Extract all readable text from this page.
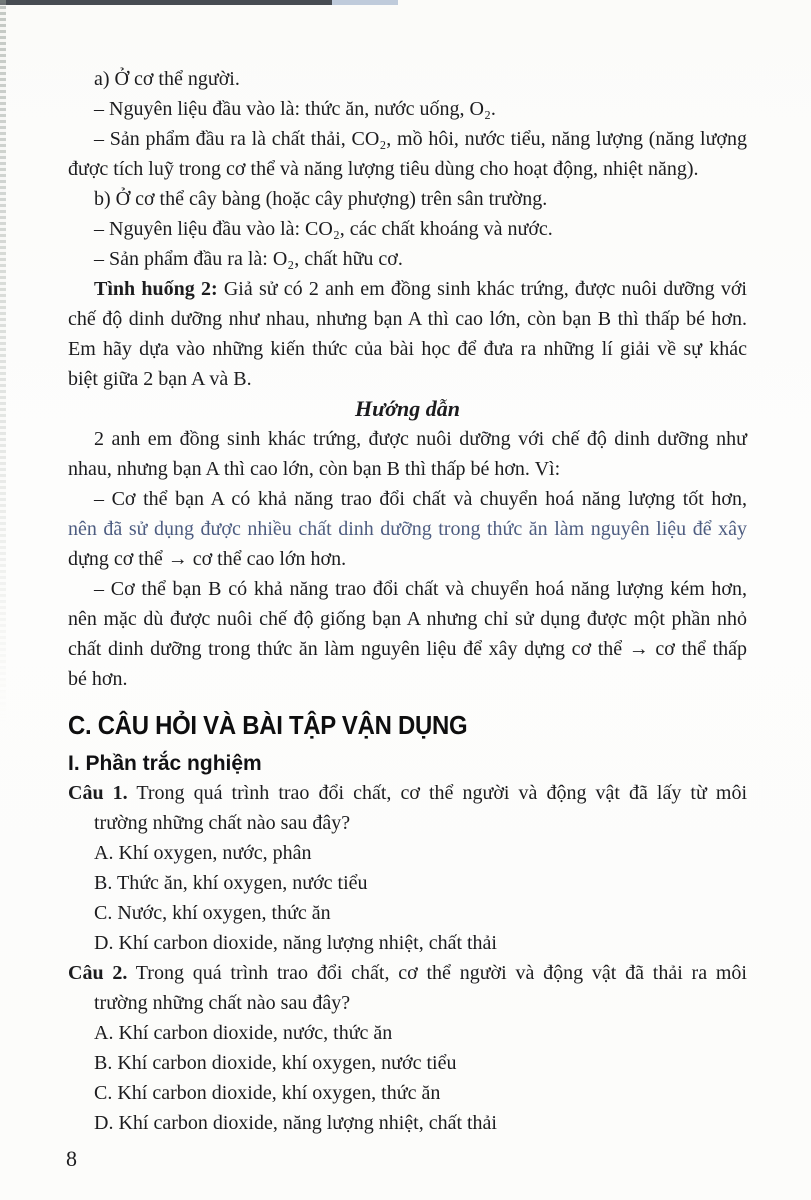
a) Ở cơ thể người.
– Nguyên liệu đầu vào là: thức ăn, nước uống, O₂.
– Sản phẩm đầu ra là chất thải, CO₂, mồ hôi, nước tiểu, năng lượng (năng lượng
được tích luỹ trong cơ thể và năng lượng tiêu dùng cho hoạt động, nhiệt năng).
b) Ở cơ thể cây bàng (hoặc cây phượng) trên sân trường.
– Nguyên liệu đầu vào là: CO₂, các chất khoáng và nước.
– Sản phẩm đầu ra là: O₂, chất hữu cơ.
Tình huống 2: Giả sử có 2 anh em đồng sinh khác trứng, được nuôi dưỡng với
chế độ dinh dưỡng như nhau, nhưng bạn A thì cao lớn, còn bạn B thì thấp bé hơn.
Em hãy dựa vào những kiến thức của bài học để đưa ra những lí giải về sự khác
biệt giữa 2 bạn A và B.
Hướng dẫn
2 anh em đồng sinh khác trứng, được nuôi dưỡng với chế độ dinh dưỡng như
nhau, nhưng bạn A thì cao lớn, còn bạn B thì thấp bé hơn. Vì:
– Cơ thể bạn A có khả năng trao đổi chất và chuyển hoá năng lượng tốt hơn,
nên đã sử dụng được nhiều chất dinh dưỡng trong thức ăn làm nguyên liệu để xây
dựng cơ thể → cơ thể cao lớn hơn.
– Cơ thể bạn B có khả năng trao đổi chất và chuyển hoá năng lượng kém hơn,
nên mặc dù được nuôi chế độ giống bạn A nhưng chỉ sử dụng được một phần nhỏ
chất dinh dưỡng trong thức ăn làm nguyên liệu để xây dựng cơ thể → cơ thể thấp
bé hơn.
C. CÂU HỎI VÀ BÀI TẬP VẬN DỤNG
I. Phần trắc nghiệm
Câu 1. Trong quá trình trao đổi chất, cơ thể người và động vật đã lấy từ môi
trường những chất nào sau đây?
A. Khí oxygen, nước, phân
B. Thức ăn, khí oxygen, nước tiểu
C. Nước, khí oxygen, thức ăn
D. Khí carbon dioxide, năng lượng nhiệt, chất thải
Câu 2. Trong quá trình trao đổi chất, cơ thể người và động vật đã thải ra môi
trường những chất nào sau đây?
A. Khí carbon dioxide, nước, thức ăn
B. Khí carbon dioxide, khí oxygen, nước tiểu
C. Khí carbon dioxide, khí oxygen, thức ăn
D. Khí carbon dioxide, năng lượng nhiệt, chất thải
8
